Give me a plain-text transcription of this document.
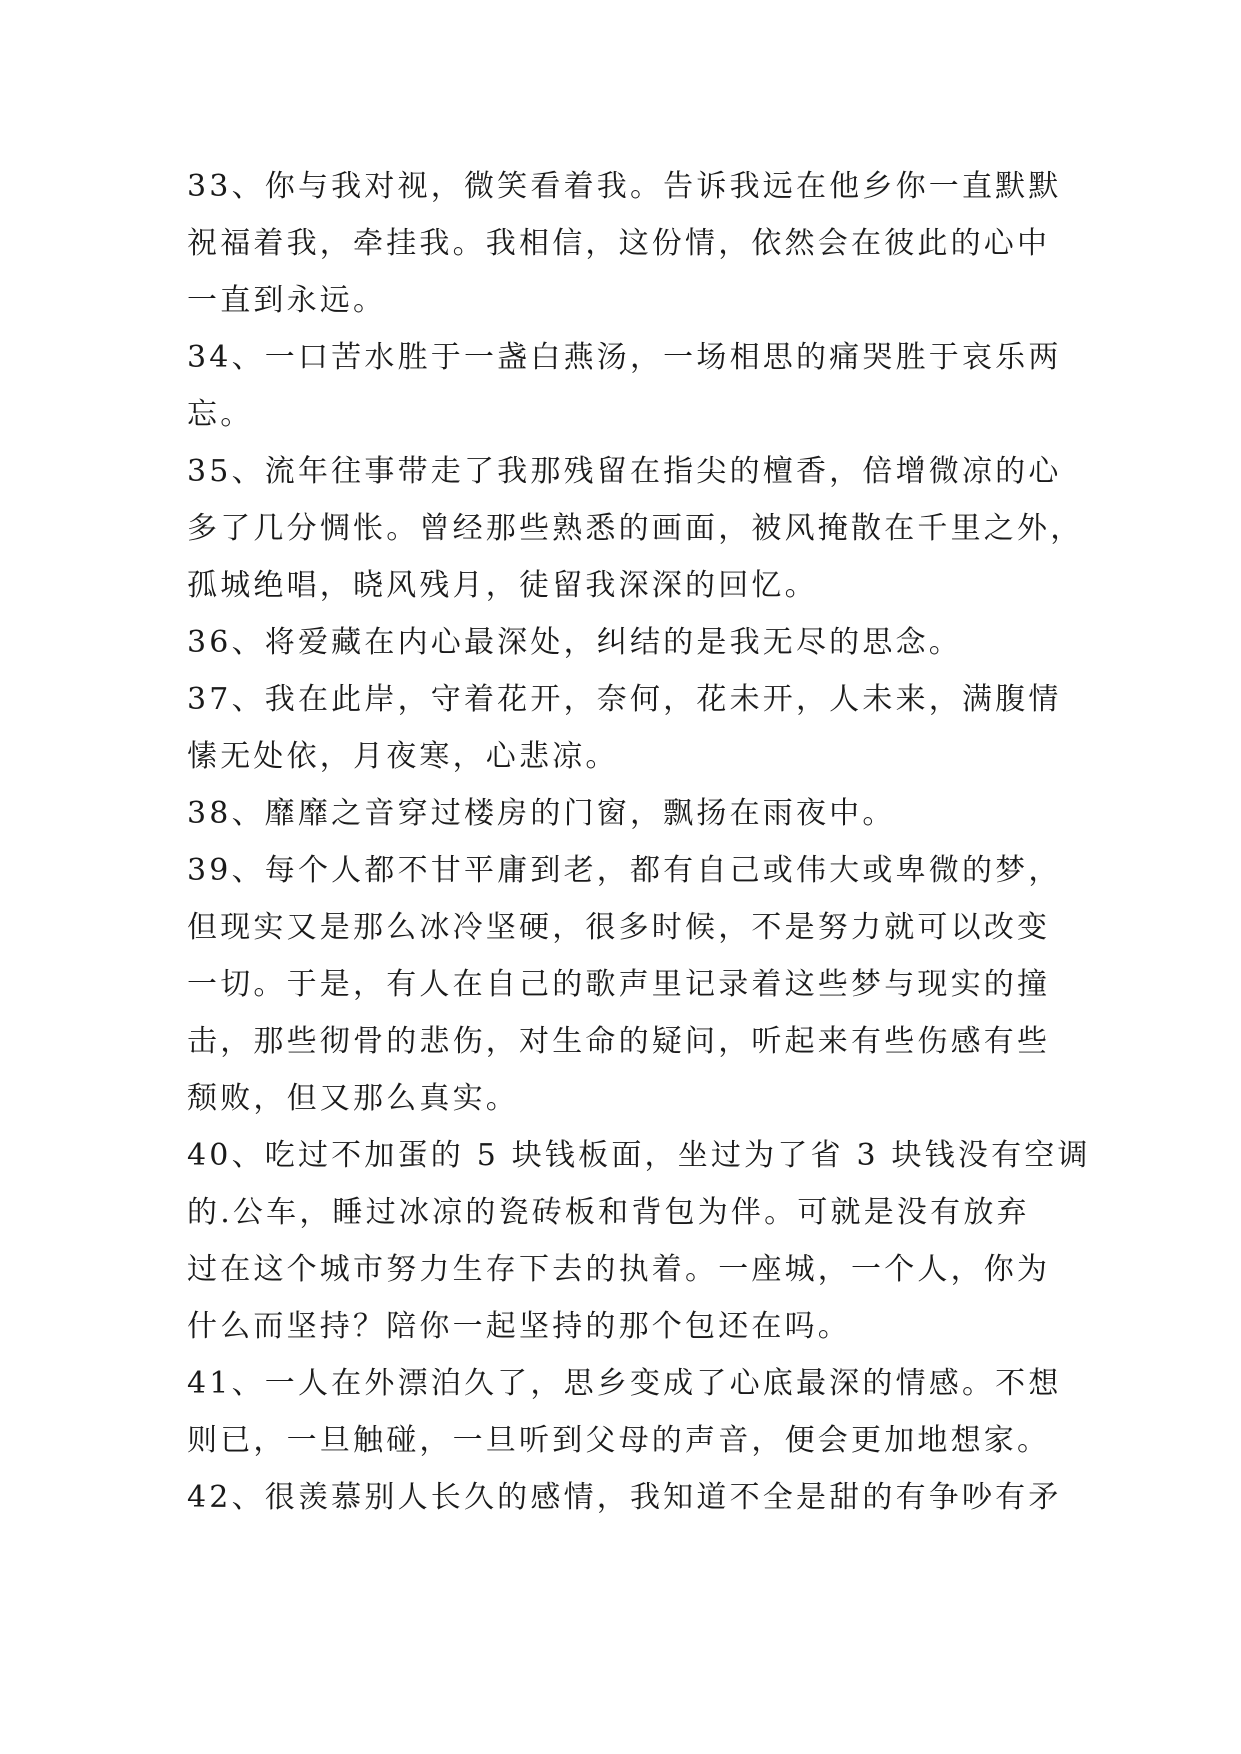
33、你与我对视，微笑看着我。告诉我远在他乡你一直默默
祝福着我，牵挂我。我相信，这份情，依然会在彼此的心中
一直到永远。
34、一口苦水胜于一盏白燕汤，一场相思的痛哭胜于哀乐两
忘。
35、流年往事带走了我那残留在指尖的檀香，倍增微凉的心
多了几分惆怅。曾经那些熟悉的画面，被风掩散在千里之外，
孤城绝唱，晓风残月，徒留我深深的回忆。
36、将爱藏在内心最深处，纠结的是我无尽的思念。
37、我在此岸，守着花开，奈何，花未开，人未来，满腹情
愫无处依，月夜寒，心悲凉。
38、靡靡之音穿过楼房的门窗，飘扬在雨夜中。
39、每个人都不甘平庸到老，都有自己或伟大或卑微的梦，
但现实又是那么冰冷坚硬，很多时候，不是努力就可以改变
一切。于是，有人在自己的歌声里记录着这些梦与现实的撞
击，那些彻骨的悲伤，对生命的疑问，听起来有些伤感有些
颓败，但又那么真实。
40、吃过不加蛋的 5 块钱板面，坐过为了省 3 块钱没有空调
的.公车，睡过冰凉的瓷砖板和背包为伴。可就是没有放弃
过在这个城市努力生存下去的执着。一座城，一个人，你为
什么而坚持？陪你一起坚持的那个包还在吗。
41、一人在外漂泊久了，思乡变成了心底最深的情感。不想
则已，一旦触碰，一旦听到父母的声音，便会更加地想家。
42、很羡慕别人长久的感情，我知道不全是甜的有争吵有矛
